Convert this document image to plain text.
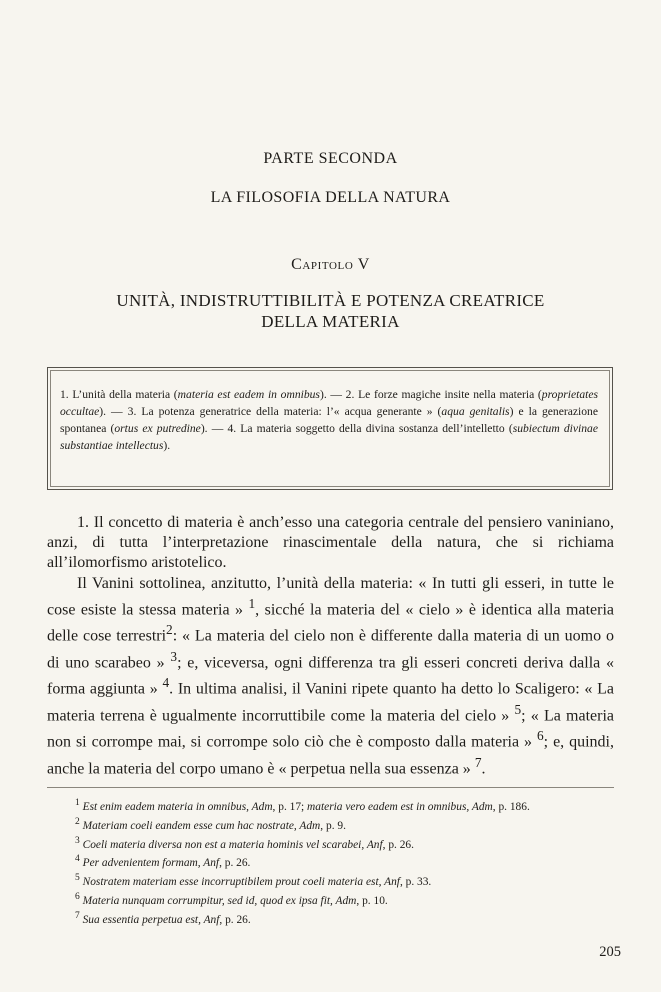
PARTE SECONDA
LA FILOSOFIA DELLA NATURA
Capitolo V
UNITÀ, INDISTRUTTIBILITÀ E POTENZA CREATRICE
DELLA MATERIA
1. L’unità della materia (materia est eadem in omnibus). — 2. Le forze magiche insite nella materia (proprietates occultae). — 3. La potenza generatrice della materia: l’« acqua generante » (aqua genitalis) e la generazione spontanea (ortus ex putredine). — 4. La materia soggetto della divina sostanza dell’intelletto (subiectum divinae substantiae intellectus).

1. Il concetto di materia è anch’esso una categoria centrale del pensiero vaniniano, anzi, di tutta l’interpretazione rinascimentale della natura, che si richiama all’ilomorfismo aristotelico.

Il Vanini sottolinea, anzitutto, l’unità della materia: « In tutti gli esseri, in tutte le cose esiste la stessa materia » $^1$, sicché la materia del « cielo » è identica alla materia delle cose terrestri$^2$: « La materia del cielo non è differente dalla materia di un uomo o di uno scarabeo » $^3$; e, viceversa, ogni differenza tra gli esseri concreti deriva dalla « forma aggiunta » $^4$. In ultima analisi, il Vanini ripete quanto ha detto lo Scaligero: « La materia terrena è ugualmente incorruttibile come la materia del cielo » $^5$; « La materia non si corrompe mai, si corrompe solo ciò che è composto dalla materia » $^6$; e, quindi, anche la materia del corpo umano è « perpetua nella sua essenza » $^7$.

$^1$ Est enim eadem materia in omnibus, Adm, p. 17; materia vero eadem est in omnibus, Adm, p. 186.

$^2$ Materiam coeli eandem esse cum hac nostrate, Adm, p. 9.

$^3$ Coeli materia diversa non est a materia hominis vel scarabei, Anf, p. 26.

$^4$ Per advenientem formam, Anf, p. 26.

$^5$ Nostratem materiam esse incorruptibilem prout coeli materia est, Anf, p. 33.

$^6$ Materia nunquam corrumpitur, sed id, quod ex ipsa fit, Adm, p. 10.

$^7$ Sua essentia perpetua est, Anf, p. 26.

205
